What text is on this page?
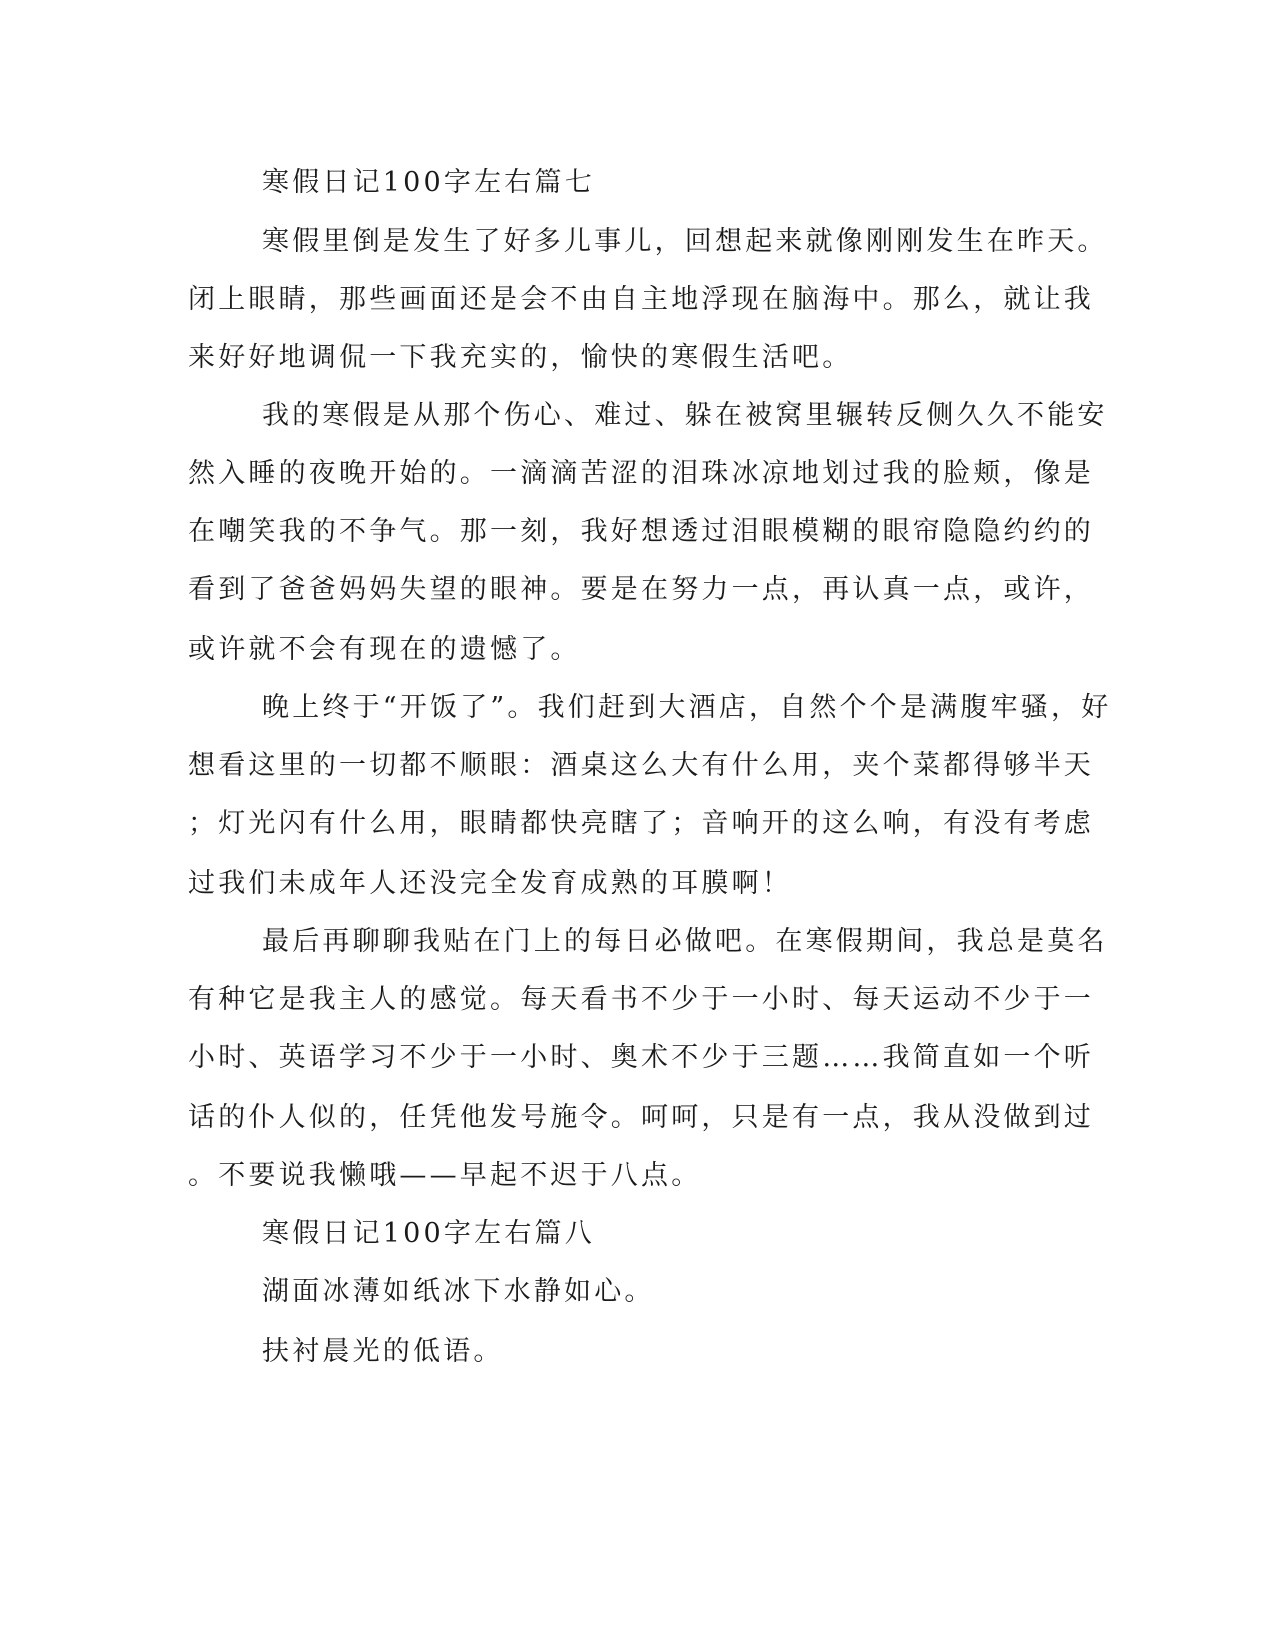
寒假日记100字左右篇七
寒假里倒是发生了好多儿事儿，回想起来就像刚刚发生在昨天。
闭上眼睛，那些画面还是会不由自主地浮现在脑海中。那么，就让我
来好好地调侃一下我充实的，愉快的寒假生活吧。
我的寒假是从那个伤心、难过、躲在被窝里辗转反侧久久不能安
然入睡的夜晚开始的。一滴滴苦涩的泪珠冰凉地划过我的脸颊，像是
在嘲笑我的不争气。那一刻，我好想透过泪眼模糊的眼帘隐隐约约的
看到了爸爸妈妈失望的眼神。要是在努力一点，再认真一点，或许，
或许就不会有现在的遗憾了。
晚上终于“开饭了”。我们赶到大酒店，自然个个是满腹牢骚，好
想看这里的一切都不顺眼：酒桌这么大有什么用，夹个菜都得够半天
；灯光闪有什么用，眼睛都快亮瞎了；音响开的这么响，有没有考虑
过我们未成年人还没完全发育成熟的耳膜啊！
最后再聊聊我贴在门上的每日必做吧。在寒假期间，我总是莫名
有种它是我主人的感觉。每天看书不少于一小时、每天运动不少于一
小时、英语学习不少于一小时、奥术不少于三题……我简直如一个听
话的仆人似的，任凭他发号施令。呵呵，只是有一点，我从没做到过
。不要说我懒哦——早起不迟于八点。
寒假日记100字左右篇八
湖面冰薄如纸冰下水静如心。
扶衬晨光的低语。
